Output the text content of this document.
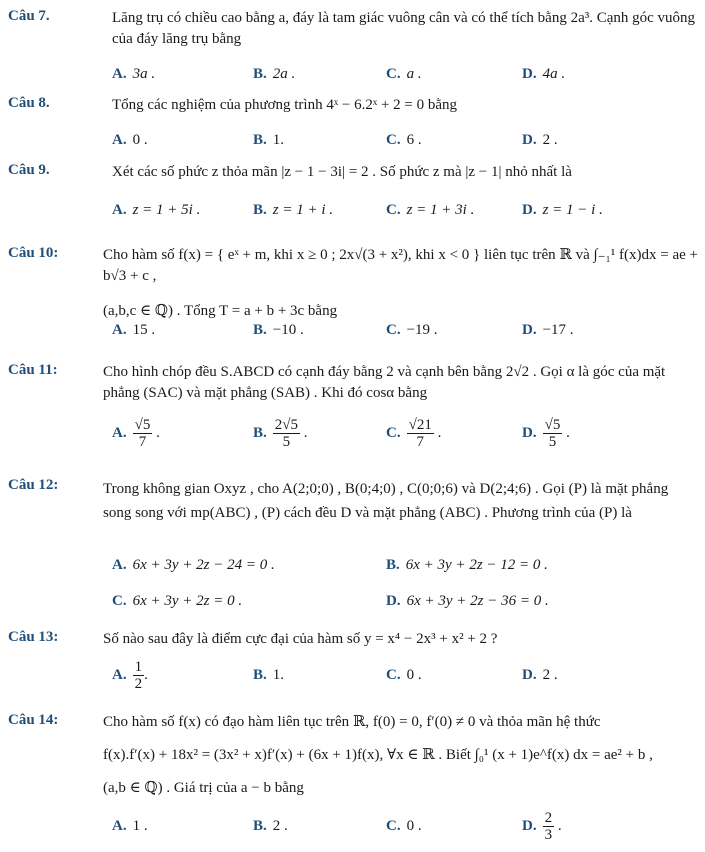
Câu 7.	Lăng trụ có chiều cao bằng a, đáy là tam giác vuông cân và có thể tích bằng 2a³. Cạnh góc vuông của đáy lăng trụ bằng
A. 3a .	B. 2a .	C. a .	D. 4a .
Câu 8.	Tổng các nghiệm của phương trình 4ˣ − 6.2ˣ + 2 = 0 bằng
A. 0 .	B. 1.	C. 6 .	D. 2 .
Câu 9.	Xét các số phức z thỏa mãn |z − 1 − 3i| = 2 . Số phức z mà |z − 1| nhỏ nhất là
A. z = 1 + 5i .	B. z = 1 + i .	C. z = 1 + 3i .	D. z = 1 − i .
Câu 10:	Cho hàm số f(x) = { eˣ + m, khi x ≥ 0 ; 2x√(3 + x²), khi x < 0 } liên tục trên ℝ và ∫₋₁¹ f(x)dx = ae + b√3 + c ,
(a,b,c ∈ ℚ) . Tổng T = a + b + 3c bằng
A. 15 .	B. −10 .	C. −19 .	D. −17 .
Câu 11:	Cho hình chóp đều S.ABCD có cạnh đáy bằng 2 và cạnh bên bằng 2√2 . Gọi α là góc của mặt phẳng (SAC) và mặt phẳng (SAB) . Khi đó cosα bằng
A. $\frac{√5}{7}$ .	B. $\frac{2√5}{5}$ .	C. $\frac{√21}{7}$ .	D. $\frac{√5}{5}$ .
Câu 12:	Trong không gian Oxyz , cho A(2;0;0) , B(0;4;0) , C(0;0;6) và D(2;4;6) . Gọi (P) là mặt phẳng song song với mp(ABC) , (P) cách đều D và mặt phẳng (ABC) . Phương trình của (P) là
A. 6x + 3y + 2z − 24 = 0 .	B. 6x + 3y + 2z − 12 = 0 .
C. 6x + 3y + 2z = 0 .	D. 6x + 3y + 2z − 36 = 0 .
Câu 13:	Số nào sau đây là điểm cực đại của hàm số y = x⁴ − 2x³ + x² + 2 ?
A. $\frac{1}{2}$ .	B. 1.	C. 0 .	D. 2 .
Câu 14:	Cho hàm số f(x) có đạo hàm liên tục trên ℝ, f(0) = 0, f′(0) ≠ 0 và thỏa mãn hệ thức
f(x).f′(x) + 18x² = (3x² + x)f′(x) + (6x + 1)f(x), ∀x ∈ ℝ . Biết ∫₀¹ (x + 1)e^f(x) dx = ae² + b ,
(a,b ∈ ℚ) . Giá trị của a − b bằng
A. 1 .	B. 2 .	C. 0 .	D. $\frac{2}{3}$ .
